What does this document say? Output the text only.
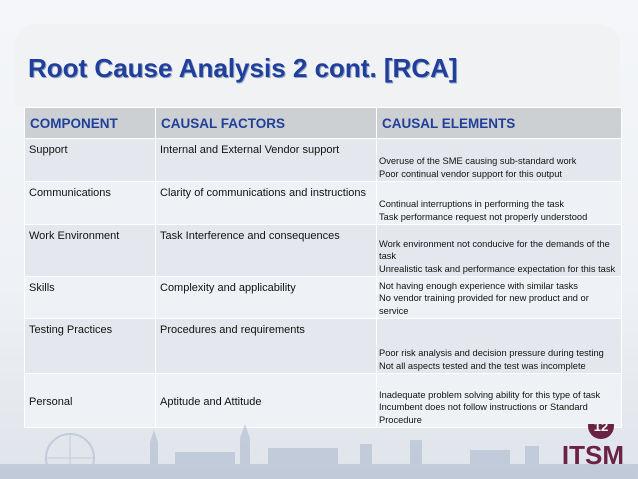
Root Cause Analysis 2 cont. [RCA]
COMPONENT	CAUSAL FACTORS	CAUSAL ELEMENTS
Support	Internal and External Vendor support	Overuse of the SME causing sub-standard work
Poor continual vendor support for this output

Communications	Clarity of communications and instructions	Continual interruptions in performing the task
Task performance request not properly understood

Work Environment	Task Interference and consequences	Work environment not conducive for the demands of the task
Unrealistic task and performance expectation for this task

Skills	Complexity and applicability	Not having enough experience with similar tasks
No vendor training provided for new product and or service

Testing Practices	Procedures and requirements	Poor risk analysis and decision pressure during testing
Not all aspects tested and the test was incomplete

Personal	Aptitude and Attitude	Inadequate problem solving ability for this type of task
Incumbent does not follow instructions or Standard Procedure	12
ITSM
